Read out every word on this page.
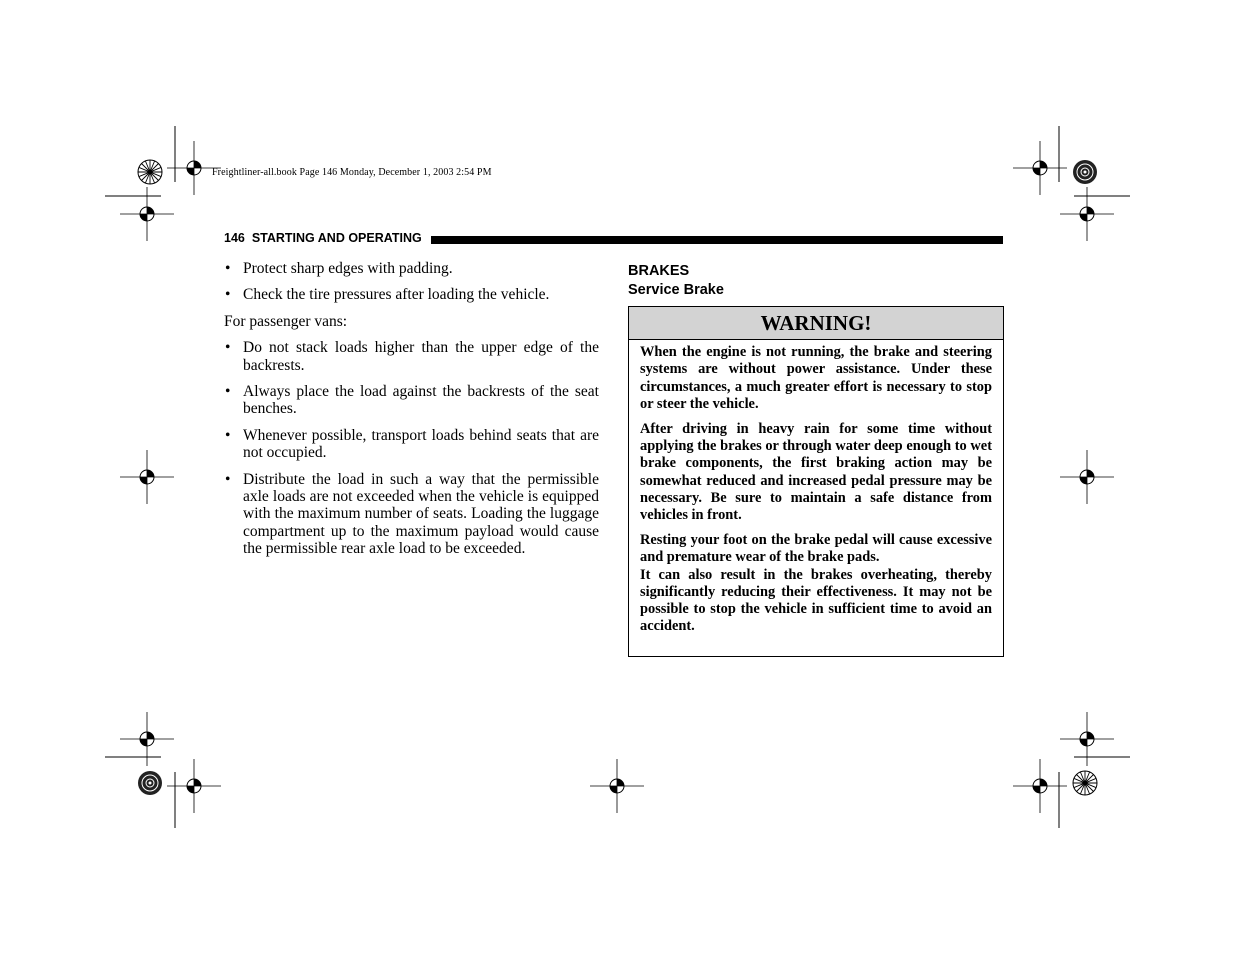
Freightliner-all.book Page 146 Monday, December 1, 2003 2:54 PM
146 STARTING AND OPERATING
• Protect sharp edges with padding.
• Check the tire pressures after loading the vehicle.
For passenger vans:
• Do not stack loads higher than the upper edge of the backrests.
• Always place the load against the backrests of the seat benches.
• Whenever possible, transport loads behind seats that are not occupied.
• Distribute the load in such a way that the permissible axle loads are not exceeded when the vehicle is equipped with the maximum number of seats. Loading the luggage compartment up to the maximum payload would cause the permissible rear axle load to be exceeded.
BRAKES
Service Brake
WARNING!

When the engine is not running, the brake and steering systems are without power assistance. Under these circumstances, a much greater effort is necessary to stop or steer the vehicle.

After driving in heavy rain for some time without applying the brakes or through water deep enough to wet brake components, the first braking action may be somewhat reduced and increased pedal pressure may be necessary. Be sure to maintain a safe distance from vehicles in front.

Resting your foot on the brake pedal will cause excessive and premature wear of the brake pads.

It can also result in the brakes overheating, thereby significantly reducing their effectiveness. It may not be possible to stop the vehicle in sufficient time to avoid an accident.
